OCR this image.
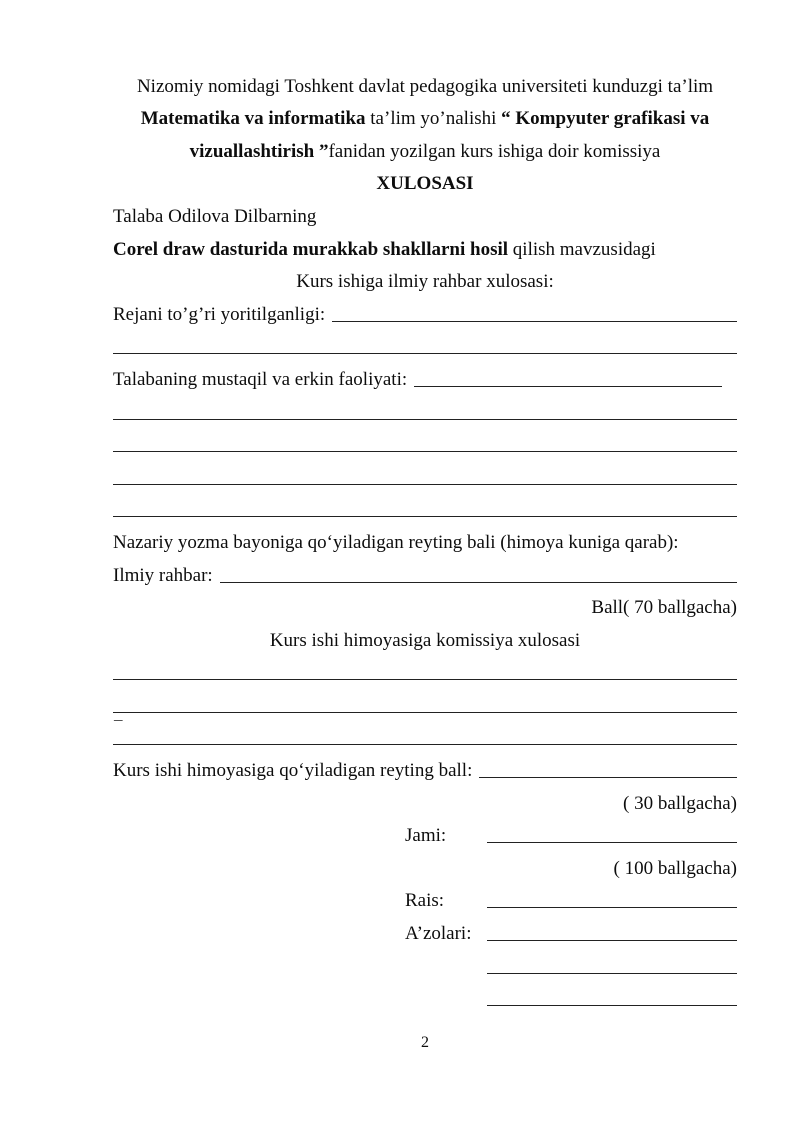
Nizomiy nomidagi Toshkent davlat pedagogika universiteti kunduzgi ta’lim
Matematika va informatika ta’lim yo’nalishi “ Kompyuter grafikasi va
vizuallashtirish ” fanidan yozilgan kurs ishiga doir komissiya
XULOSASI
Talaba Odilova Dilbarning
Corel draw dasturida murakkab shakllarni hosil qilish mavzusidagi
Kurs ishiga ilmiy rahbar xulosasi:
Rejani to’g’ri yoritilganligi:
Talabaning mustaqil va erkin faoliyati:
Nazariy yozma bayoniga qoʻyiladigan reyting bali (himoya kuniga qarab):
Ilmiy rahbar:
Ball( 70 ballgacha)
Kurs ishi himoyasiga komissiya xulosasi
_
Kurs ishi himoyasiga qoʻyiladigan reyting ball:
( 30 ballgacha)
Jami:
( 100 ballgacha)
Rais:
A’zolari:
2
